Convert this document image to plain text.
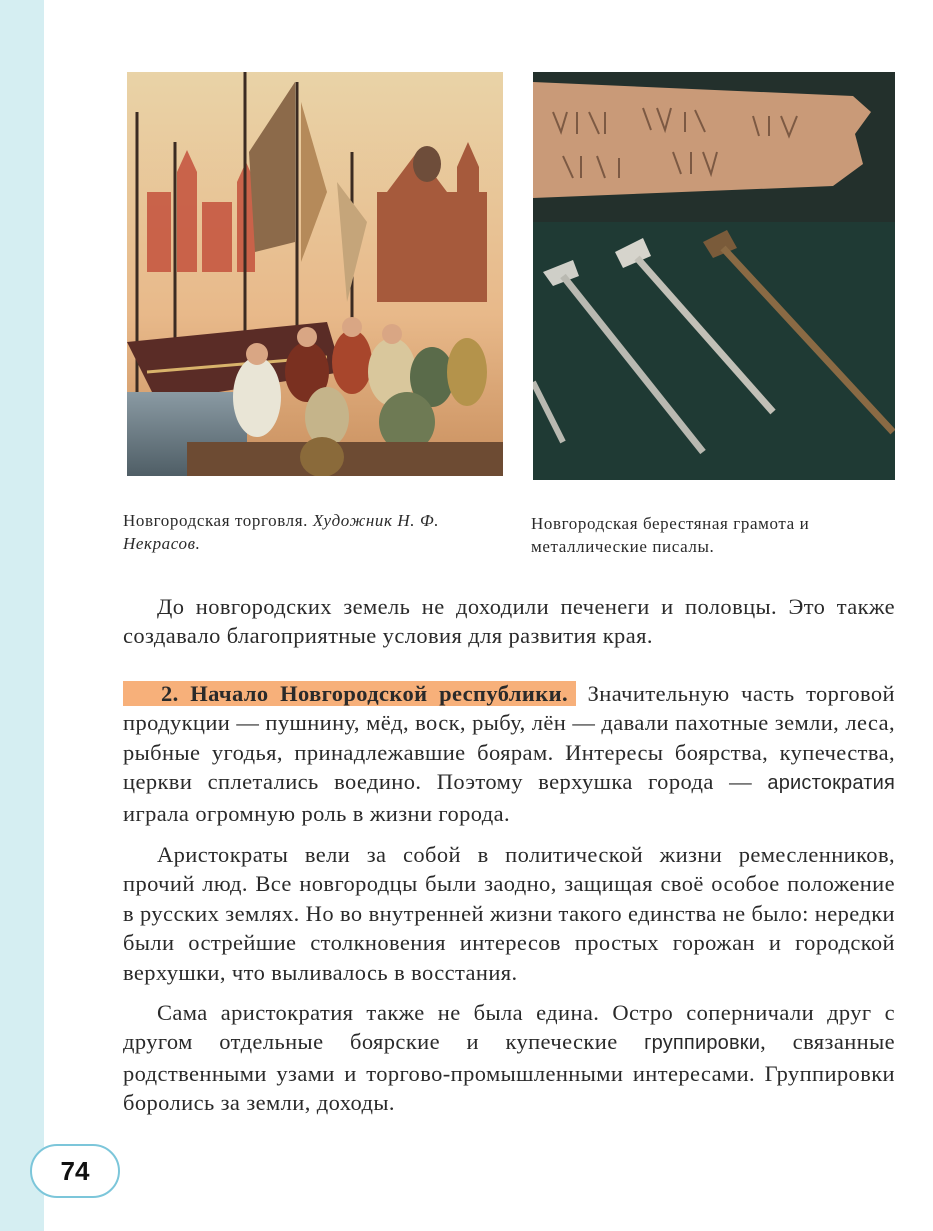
Новгородская торговля. Художник Н. Ф. Некрасов.
Новгородская берестяная грамота и металлические писалы.
До новгородских земель не доходили печенеги и половцы. Это также создавало благоприятные условия для развития края.
2. Начало Новгородской республики. Значительную часть торговой продукции — пушнину, мёд, воск, рыбу, лён — давали пахотные земли, леса, рыбные угодья, принадлежавшие боярам. Интересы боярства, купечества, церкви сплетались воедино. Поэтому верхушка города — аристократия играла огромную роль в жизни города.
Аристократы вели за собой в политической жизни ремесленников, прочий люд. Все новгородцы были заодно, защищая своё особое положение в русских землях. Но во внутренней жизни такого единства не было: нередки были острейшие столкновения интересов простых горожан и городской верхушки, что выливалось в восстания.
Сама аристократия также не была едина. Остро соперничали друг с другом отдельные боярские и купеческие группировки, связанные родственными узами и торгово-промышленными интересами. Группировки боролись за земли, доходы.
74
